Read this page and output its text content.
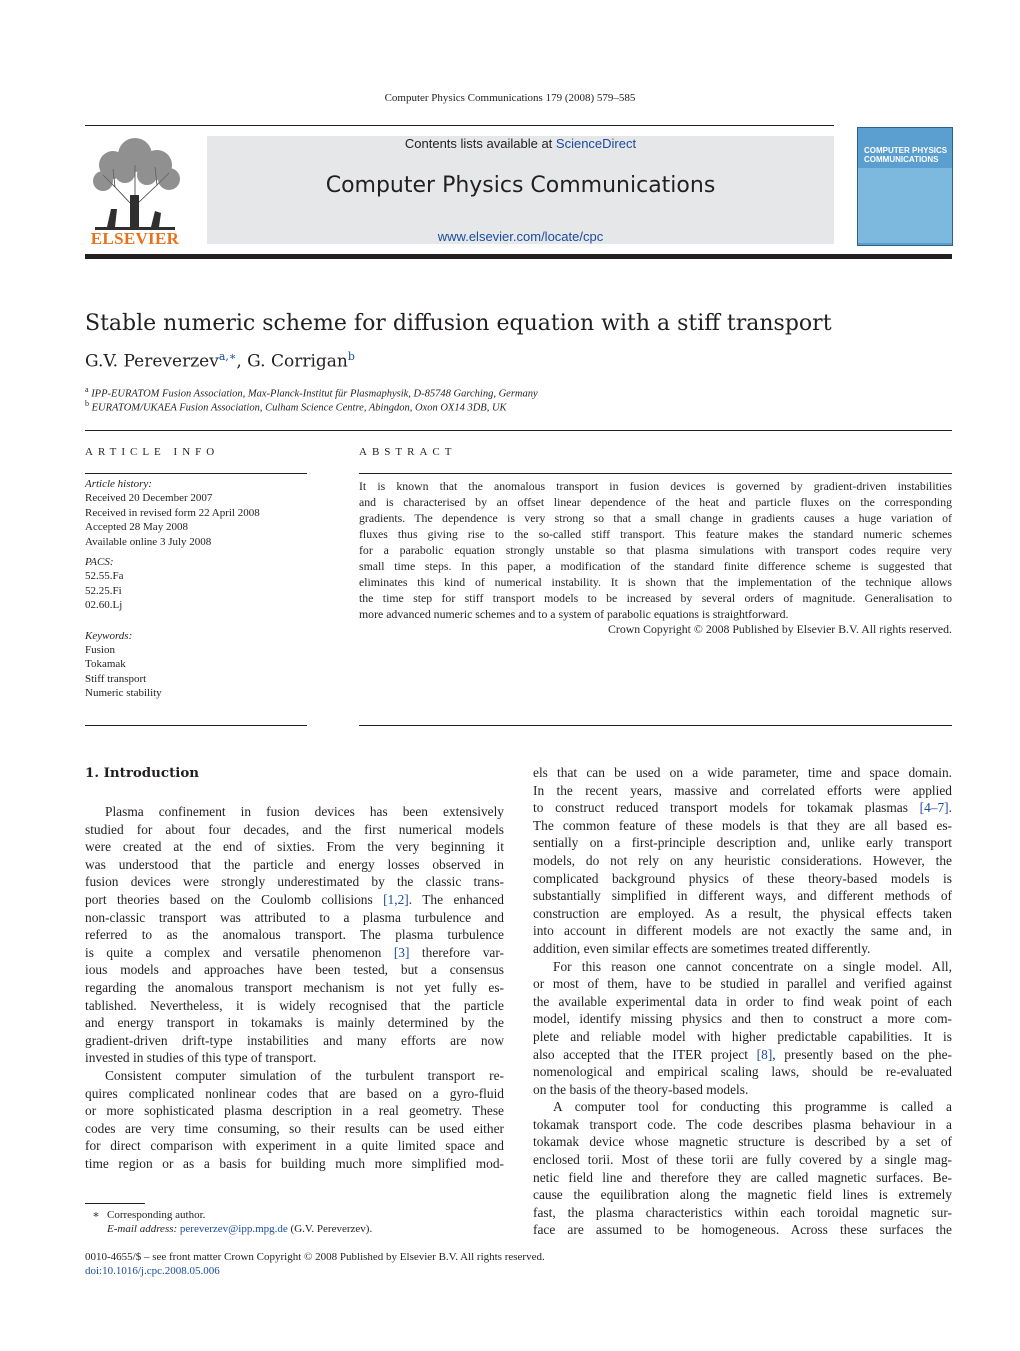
Computer Physics Communications 179 (2008) 579–585
ELSEVIER
Contents lists available at ScienceDirect
Computer Physics Communications
www.elsevier.com/locate/cpc
COMPUTER PHYSICS
COMMUNICATIONS
Stable numeric scheme for diffusion equation with a stiff transport
G.V. Pereverzev$^{a,∗}$, G. Corrigan$^b$
$^a$ IPP-EURATOM Fusion Association, Max-Planck-Institut für Plasmaphysik, D-85748 Garching, Germany
$^b$ EURATOM/UKAEA Fusion Association, Culham Science Centre, Abingdon, Oxon OX14 3DB, UK
ARTICLE INFO
Article history:
Received 20 December 2007
Received in revised form 22 April 2008
Accepted 28 May 2008
Available online 3 July 2008
PACS:
52.55.Fa
52.25.Fi
02.60.Lj
Keywords:
Fusion
Tokamak
Stiff transport
Numeric stability
ABSTRACT
It is known that the anomalous transport in fusion devices is governed by gradient-driven instabilities
and is characterised by an offset linear dependence of the heat and particle fluxes on the corresponding
gradients. The dependence is very strong so that a small change in gradients causes a huge variation of
fluxes thus giving rise to the so-called stiff transport. This feature makes the standard numeric schemes
for a parabolic equation strongly unstable so that plasma simulations with transport codes require very
small time steps. In this paper, a modification of the standard finite difference scheme is suggested that
eliminates this kind of numerical instability. It is shown that the implementation of the technique allows
the time step for stiff transport models to be increased by several orders of magnitude. Generalisation to
more advanced numeric schemes and to a system of parabolic equations is straightforward.
Crown Copyright © 2008 Published by Elsevier B.V. All rights reserved.
1. Introduction
Plasma confinement in fusion devices has been extensively
studied for about four decades, and the first numerical models
were created at the end of sixties. From the very beginning it
was understood that the particle and energy losses observed in
fusion devices were strongly underestimated by the classic trans-
port theories based on the Coulomb collisions [1,2]. The enhanced
non-classic transport was attributed to a plasma turbulence and
referred to as the anomalous transport. The plasma turbulence
is quite a complex and versatile phenomenon [3] therefore var-
ious models and approaches have been tested, but a consensus
regarding the anomalous transport mechanism is not yet fully es-
tablished. Nevertheless, it is widely recognised that the particle
and energy transport in tokamaks is mainly determined by the
gradient-driven drift-type instabilities and many efforts are now
invested in studies of this type of transport.
Consistent computer simulation of the turbulent transport re-
quires complicated nonlinear codes that are based on a gyro-fluid
or more sophisticated plasma description in a real geometry. These
codes are very time consuming, so their results can be used either
for direct comparison with experiment in a quite limited space and
time region or as a basis for building much more simplified mod-
els that can be used on a wide parameter, time and space domain.
In the recent years, massive and correlated efforts were applied
to construct reduced transport models for tokamak plasmas [4–7].
The common feature of these models is that they are all based es-
sentially on a first-principle description and, unlike early transport
models, do not rely on any heuristic considerations. However, the
complicated background physics of these theory-based models is
substantially simplified in different ways, and different methods of
construction are employed. As a result, the physical effects taken
into account in different models are not exactly the same and, in
addition, even similar effects are sometimes treated differently.
For this reason one cannot concentrate on a single model. All,
or most of them, have to be studied in parallel and verified against
the available experimental data in order to find weak point of each
model, identify missing physics and then to construct a more com-
plete and reliable model with higher predictable capabilities. It is
also accepted that the ITER project [8], presently based on the phe-
nomenological and empirical scaling laws, should be re-evaluated
on the basis of the theory-based models.
A computer tool for conducting this programme is called a
tokamak transport code. The code describes plasma behaviour in a
tokamak device whose magnetic structure is described by a set of
enclosed torii. Most of these torii are fully covered by a single mag-
netic field line and therefore they are called magnetic surfaces. Be-
cause the equilibration along the magnetic field lines is extremely
fast, the plasma characteristics within each toroidal magnetic sur-
face are assumed to be homogeneous. Across these surfaces the
∗ Corresponding author.
E-mail address: pereverzev@ipp.mpg.de (G.V. Pereverzev).
0010-4655/$ – see front matter Crown Copyright © 2008 Published by Elsevier B.V. All rights reserved.
doi:10.1016/j.cpc.2008.05.006
